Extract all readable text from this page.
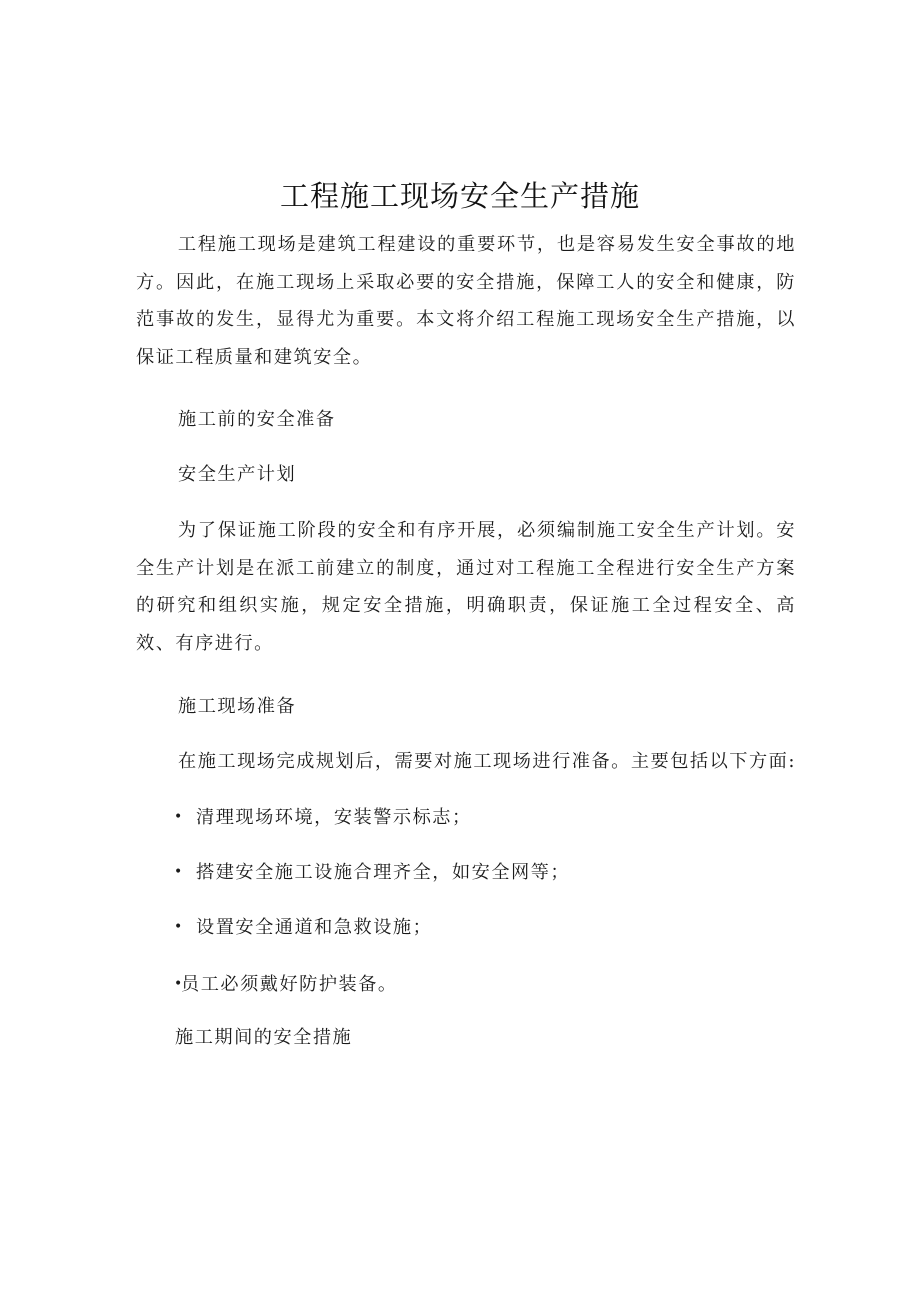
工程施工现场安全生产措施

工程施工现场是建筑工程建设的重要环节，也是容易发生安全事故的地方。因此，在施工现场上采取必要的安全措施，保障工人的安全和健康，防范事故的发生，显得尤为重要。本文将介绍工程施工现场安全生产措施，以保证工程质量和建筑安全。

施工前的安全准备

安全生产计划

为了保证施工阶段的安全和有序开展，必须编制施工安全生产计划。安全生产计划是在派工前建立的制度，通过对工程施工全程进行安全生产方案的研究和组织实施，规定安全措施，明确职责，保证施工全过程安全、高效、有序进行。

施工现场准备

在施工现场完成规划后，需要对施工现场进行准备。主要包括以下方面:

• 清理现场环境，安装警示标志；

• 搭建安全施工设施合理齐全，如安全网等；

• 设置安全通道和急救设施；

•员工必须戴好防护装备。

施工期间的安全措施
